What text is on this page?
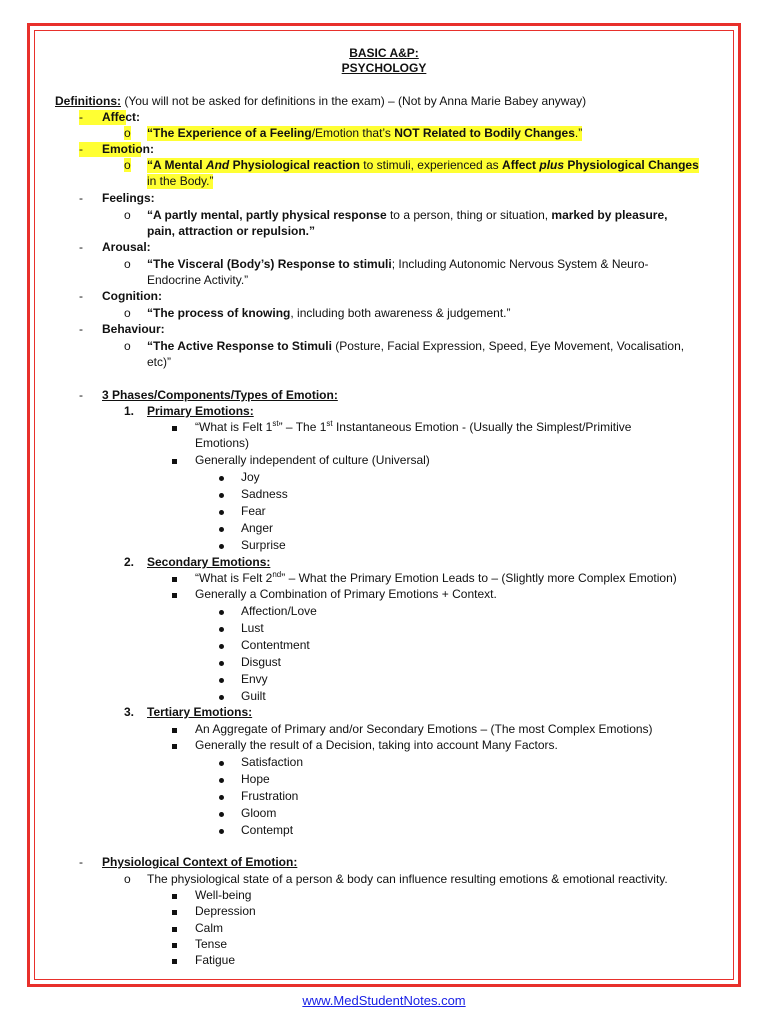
BASIC A&P:
PSYCHOLOGY
Definitions: (You will not be asked for definitions in the exam) – (Not by Anna Marie Babey anyway)
- Affect:
o “The Experience of a Feeling/Emotion that’s NOT Related to Bodily Changes.”
- Emotion:
o “A Mental And Physiological reaction to stimuli, experienced as Affect plus Physiological Changes
in the Body.”
- Feelings:
o “A partly mental, partly physical response to a person, thing or situation, marked by pleasure,
pain, attraction or repulsion.”
- Arousal:
o “The Visceral (Body’s) Response to stimuli; Including Autonomic Nervous System & Neuro-
Endocrine Activity.”
- Cognition:
o “The process of knowing, including both awareness & judgement.”
- Behaviour:
o “The Active Response to Stimuli (Posture, Facial Expression, Speed, Eye Movement, Vocalisation,
etc)”
- 3 Phases/Components/Types of Emotion:
1. Primary Emotions:
“What is Felt 1st” – The 1st Instantaneous Emotion - (Usually the Simplest/Primitive
Emotions)
Generally independent of culture (Universal)
Joy
Sadness
Fear
Anger
Surprise
2. Secondary Emotions:
“What is Felt 2nd” – What the Primary Emotion Leads to – (Slightly more Complex Emotion)
Generally a Combination of Primary Emotions + Context.
Affection/Love
Lust
Contentment
Disgust
Envy
Guilt
3. Tertiary Emotions:
An Aggregate of Primary and/or Secondary Emotions – (The most Complex Emotions)
Generally the result of a Decision, taking into account Many Factors.
Satisfaction
Hope
Frustration
Gloom
Contempt
- Physiological Context of Emotion:
o The physiological state of a person & body can influence resulting emotions & emotional reactivity.
Well-being
Depression
Calm
Tense
Fatigue
www.MedStudentNotes.com
